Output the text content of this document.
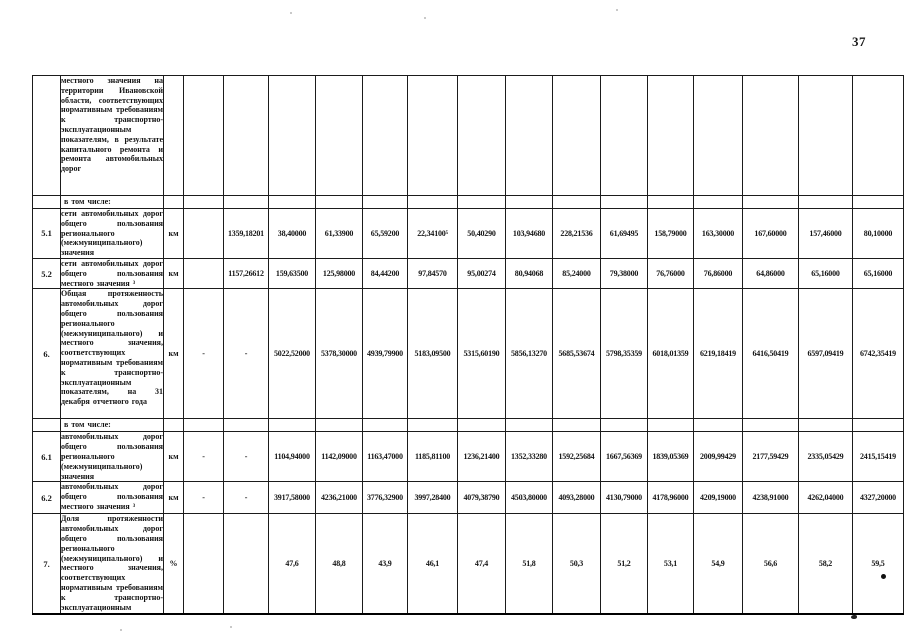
37
	местного значения на территории Ивановской области, соответствующих нормативным требованиям к транспортно-эксплуатационным показателям, в результате капитального ремонта и ремонта автомобильных дорог																
	в том числе:																
5.1	сети автомобильных дорог общего пользования регионального (межмуниципального) значения	км		1359,18201	38,40000	61,33900	65,59200	22,34100⁵	50,40290	103,94680	228,21536	61,69495	158,79000	163,30000	167,60000	157,46000	80,10000
5.2	сети автомобильных дорог общего пользования местного значения ³	км		1157,26612	159,63500	125,98000	84,44200	97,84570	95,00274	80,94068	85,24000	79,38000	76,76000	76,86000	64,86000	65,16000	65,16000
6.	Общая протяженность автомобильных дорог общего пользования регионального (межмуниципального) и местного значения, соответствующих нормативным требованиям к транспортно-эксплуатационным показателям, на 31 декабря отчетного года	км	-	-	5022,52000	5378,30000	4939,79900	5183,09500	5315,60190	5856,13270	5685,53674	5798,35359	6018,01359	6219,18419	6416,50419	6597,09419	6742,35419
	в том числе:																
6.1	автомобильных дорог общего пользования регионального (межмуниципального) значения	км	-	-	1104,94000	1142,09000	1163,47000	1185,81100	1236,21400	1352,33280	1592,25684	1667,56369	1839,05369	2009,99429	2177,59429	2335,05429	2415,15419
6.2	автомобильных дорог общего пользования местного значения ³	км	-	-	3917,58000	4236,21000	3776,32900	3997,28400	4079,38790	4503,80000	4093,28000	4130,79000	4178,96000	4209,19000	4238,91000	4262,04000	4327,20000
7.	Доля протяженности автомобильных дорог общего пользования регионального (межмуниципального) и местного значения, соответствующих нормативным требованиям к транспортно-эксплуатационным	%			47,6	48,8	43,9	46,1	47,4	51,8	50,3	51,2	53,1	54,9	56,6	58,2	59,5
